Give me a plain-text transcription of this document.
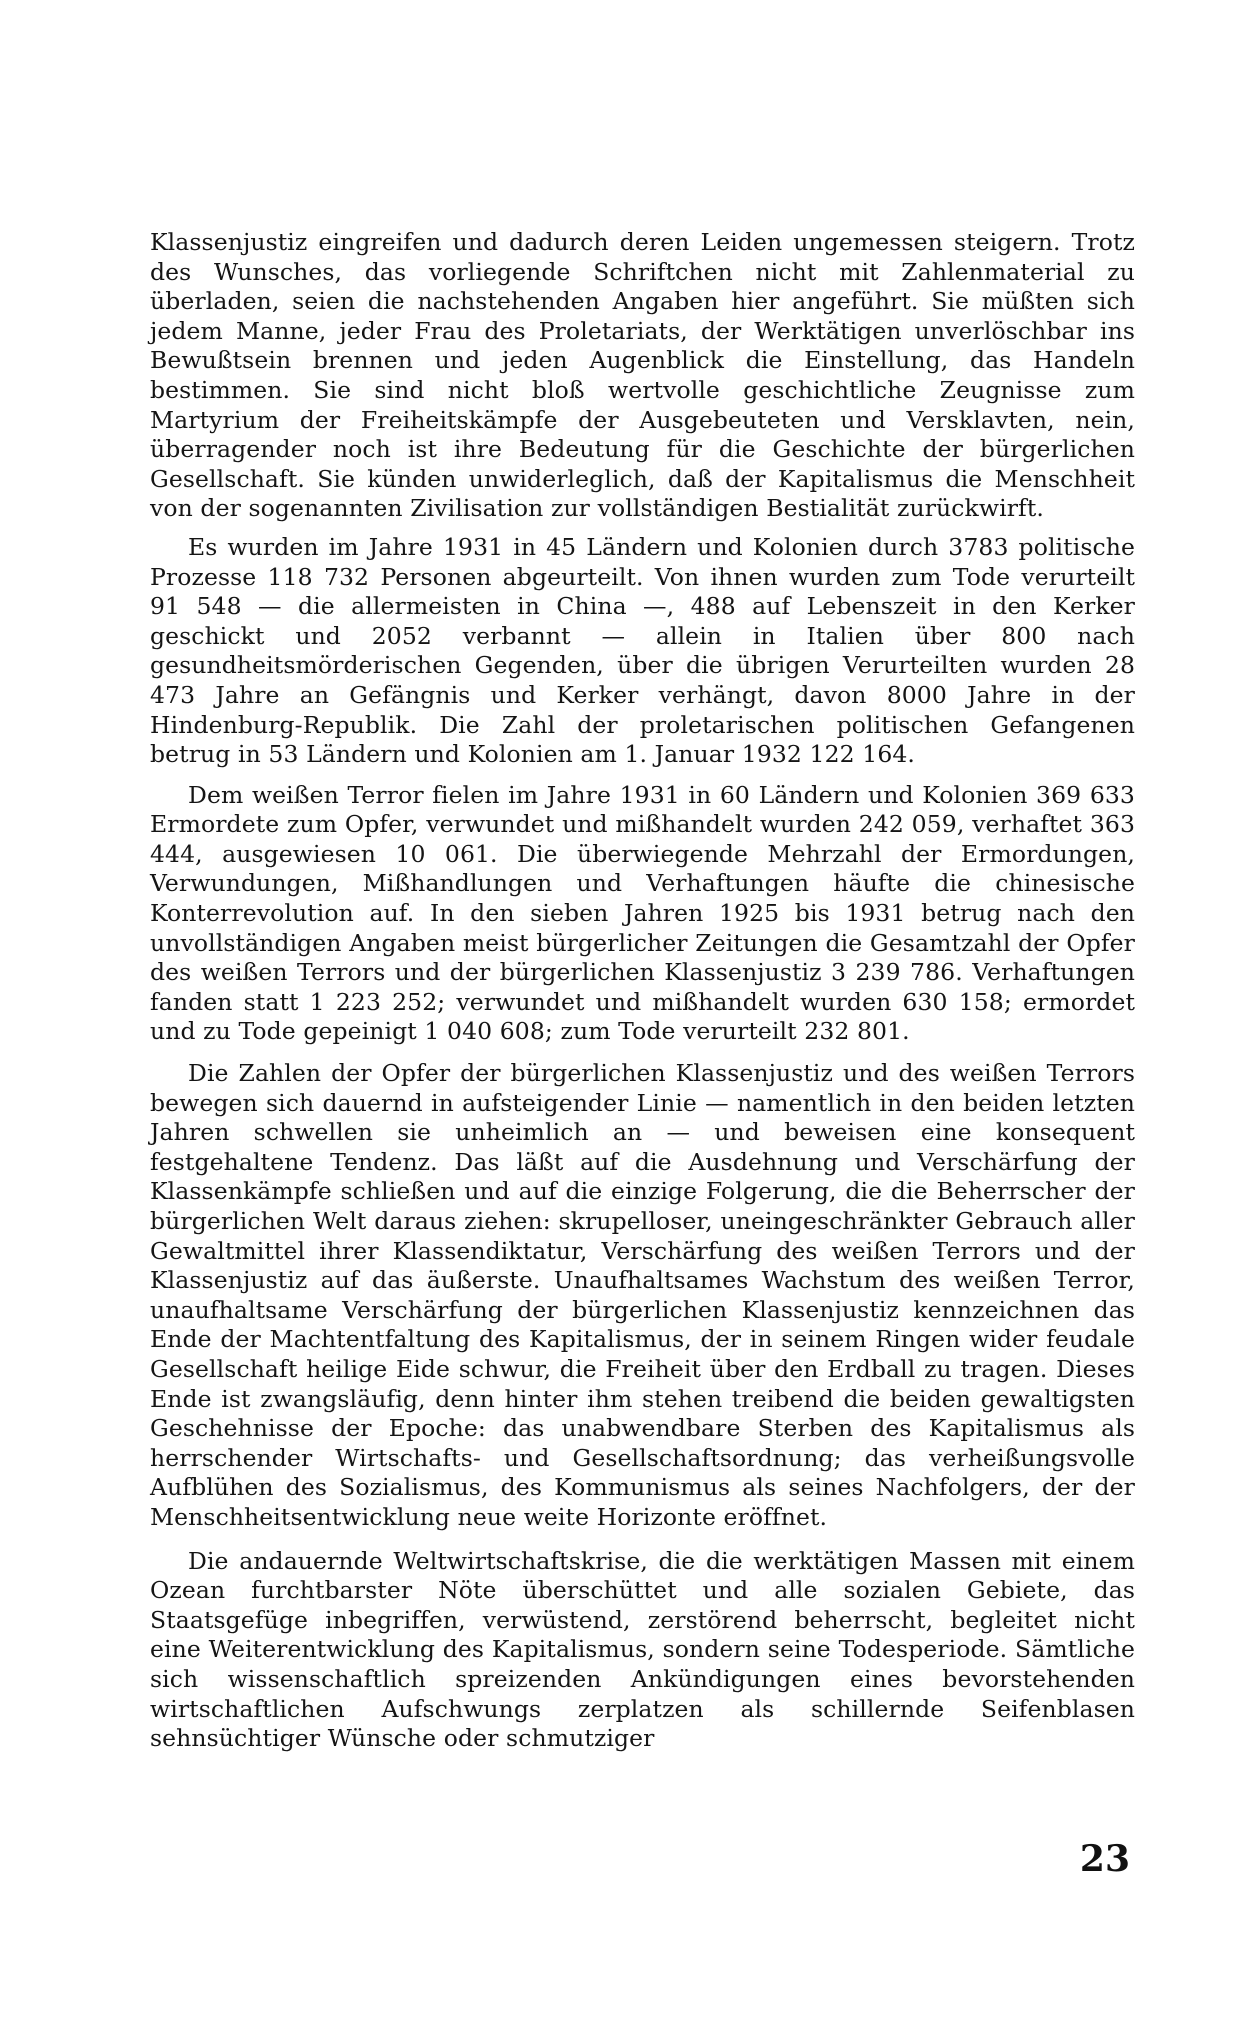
Klassenjustiz eingreifen und dadurch deren Leiden ungemessen steigern. Trotz des Wunsches, das vorliegende Schriftchen nicht mit Zahlenmaterial zu überladen, seien die nachstehenden Angaben hier angeführt. Sie müßten sich jedem Manne, jeder Frau des Proletariats, der Werktätigen unverlöschbar ins Bewußtsein brennen und jeden Augenblick die Einstellung, das Handeln bestimmen. Sie sind nicht bloß wertvolle geschichtliche Zeugnisse zum Martyrium der Freiheitskämpfe der Ausgebeuteten und Versklavten, nein, überragender noch ist ihre Bedeutung für die Geschichte der bürgerlichen Gesellschaft. Sie künden unwiderleglich, daß der Kapitalismus die Menschheit von der sogenannten Zivilisation zur vollständigen Bestialität zurückwirft.

Es wurden im Jahre 1931 in 45 Ländern und Kolonien durch 3783 politische Prozesse 118 732 Personen abgeurteilt. Von ihnen wurden zum Tode verurteilt 91 548 — die allermeisten in China —, 488 auf Lebenszeit in den Kerker geschickt und 2052 verbannt — allein in Italien über 800 nach gesundheitsmörderischen Gegenden, über die übrigen Verurteilten wurden 28 473 Jahre an Gefängnis und Kerker verhängt, davon 8000 Jahre in der Hindenburg-Republik. Die Zahl der proletarischen politischen Gefangenen betrug in 53 Ländern und Kolonien am 1. Januar 1932 122 164.

Dem weißen Terror fielen im Jahre 1931 in 60 Ländern und Kolonien 369 633 Ermordete zum Opfer, verwundet und mißhandelt wurden 242 059, verhaftet 363 444, ausgewiesen 10 061. Die überwiegende Mehrzahl der Ermordungen, Verwundungen, Mißhandlungen und Verhaftungen häufte die chinesische Konterrevolution auf. In den sieben Jahren 1925 bis 1931 betrug nach den unvollständigen Angaben meist bürgerlicher Zeitungen die Gesamtzahl der Opfer des weißen Terrors und der bürgerlichen Klassenjustiz 3 239 786. Verhaftungen fanden statt 1 223 252; verwundet und mißhandelt wurden 630 158; ermordet und zu Tode gepeinigt 1 040 608; zum Tode verurteilt 232 801.

Die Zahlen der Opfer der bürgerlichen Klassenjustiz und des weißen Terrors bewegen sich dauernd in aufsteigender Linie — namentlich in den beiden letzten Jahren schwellen sie unheimlich an — und beweisen eine konsequent festgehaltene Tendenz. Das läßt auf die Ausdehnung und Verschärfung der Klassenkämpfe schließen und auf die einzige Folgerung, die die Beherrscher der bürgerlichen Welt daraus ziehen: skrupelloser, uneingeschränkter Gebrauch aller Gewaltmittel ihrer Klassendiktatur, Verschärfung des weißen Terrors und der Klassenjustiz auf das äußerste. Unaufhaltsames Wachstum des weißen Terror, unaufhaltsame Verschärfung der bürgerlichen Klassenjustiz kennzeichnen das Ende der Machtentfaltung des Kapitalismus, der in seinem Ringen wider feudale Gesellschaft heilige Eide schwur, die Freiheit über den Erdball zu tragen. Dieses Ende ist zwangsläufig, denn hinter ihm stehen treibend die beiden gewaltigsten Geschehnisse der Epoche: das unabwendbare Sterben des Kapitalismus als herrschender Wirtschafts- und Gesellschaftsordnung; das verheißungsvolle Aufblühen des Sozialismus, des Kommunismus als seines Nachfolgers, der der Menschheitsentwicklung neue weite Horizonte eröffnet.

Die andauernde Weltwirtschaftskrise, die die werktätigen Massen mit einem Ozean furchtbarster Nöte überschüttet und alle sozialen Gebiete, das Staatsgefüge inbegriffen, verwüstend, zerstörend beherrscht, begleitet nicht eine Weiterentwicklung des Kapitalismus, sondern seine Todesperiode. Sämtliche sich wissenschaftlich spreizenden Ankündigungen eines bevorstehenden wirtschaftlichen Aufschwungs zerplatzen als schillernde Seifenblasen sehnsüchtiger Wünsche oder schmutziger

23
